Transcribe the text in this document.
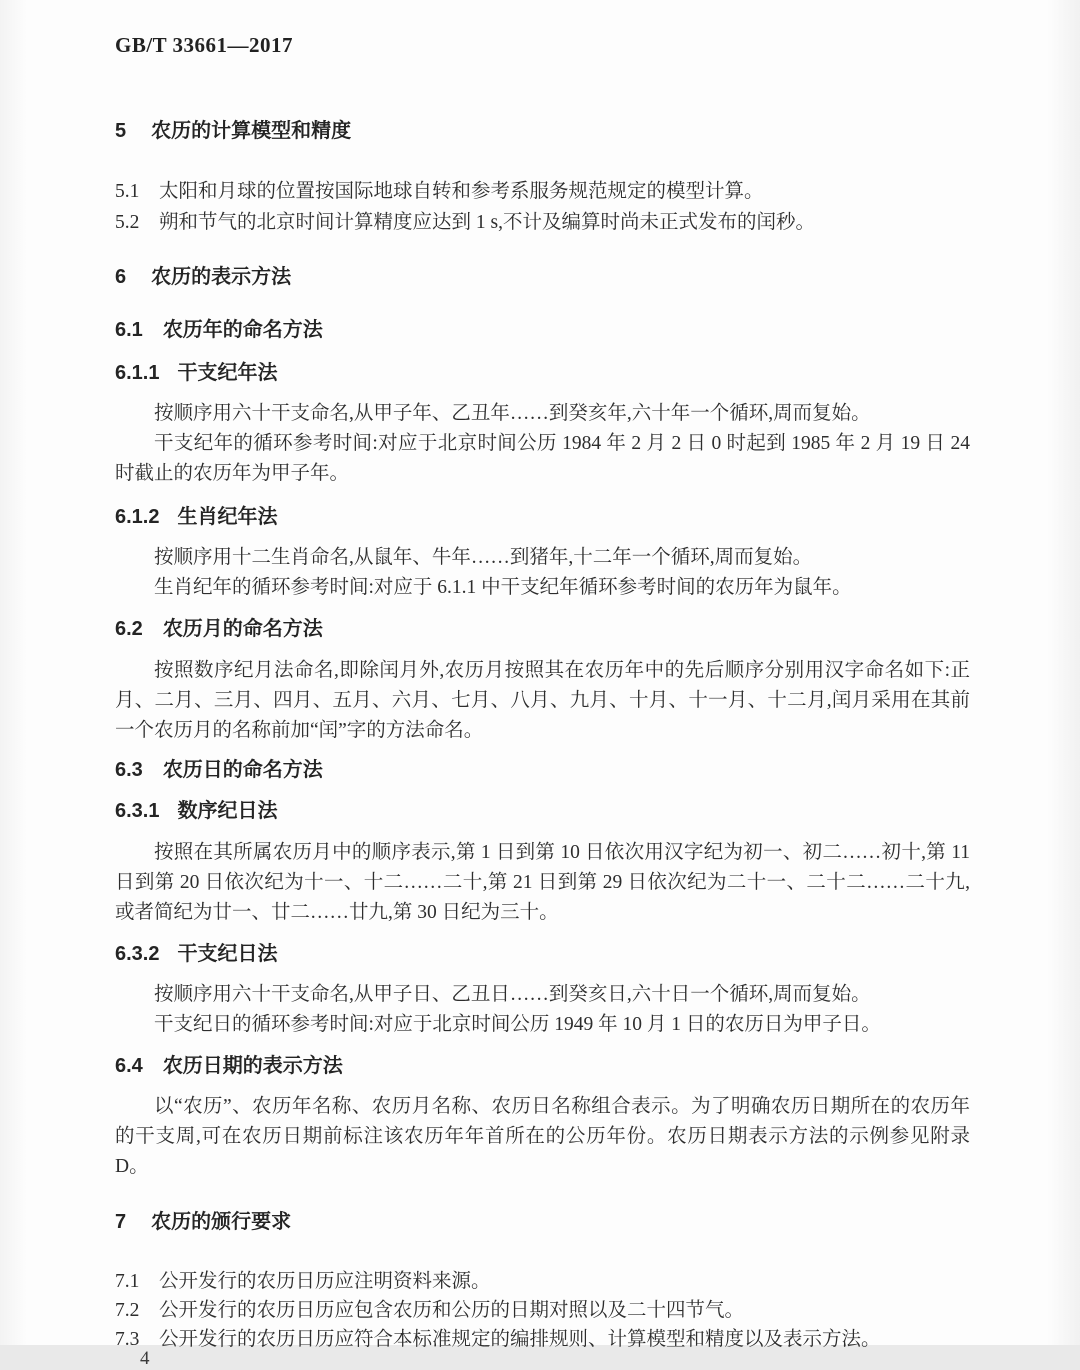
GB/T 33661—2017
5 农历的计算模型和精度
5.1	太阳和月球的位置按国际地球自转和参考系服务规范规定的模型计算。
5.2	朔和节气的北京时间计算精度应达到 1 s,不计及编算时尚未正式发布的闰秒。
6 农历的表示方法
6.1 农历年的命名方法
6.1.1 干支纪年法

按顺序用六十干支命名,从甲子年、乙丑年……到癸亥年,六十年一个循环,周而复始。

干支纪年的循环参考时间:对应于北京时间公历 1984 年 2 月 2 日 0 时起到 1985 年 2 月 19 日 24 时截止的农历年为甲子年。

6.1.2 生肖纪年法

按顺序用十二生肖命名,从鼠年、牛年……到猪年,十二年一个循环,周而复始。

生肖纪年的循环参考时间:对应于 6.1.1 中干支纪年循环参考时间的农历年为鼠年。

6.2 农历月的命名方法

按照数序纪月法命名,即除闰月外,农历月按照其在农历年中的先后顺序分别用汉字命名如下:正月、二月、三月、四月、五月、六月、七月、八月、九月、十月、十一月、十二月,闰月采用在其前一个农历月的名称前加“闰”字的方法命名。

6.3 农历日的命名方法
6.3.1 数序纪日法

按照在其所属农历月中的顺序表示,第 1 日到第 10 日依次用汉字纪为初一、初二……初十,第 11 日到第 20 日依次纪为十一、十二……二十,第 21 日到第 29 日依次纪为二十一、二十二……二十九,或者简纪为廿一、廿二……廿九,第 30 日纪为三十。

6.3.2 干支纪日法

按顺序用六十干支命名,从甲子日、乙丑日……到癸亥日,六十日一个循环,周而复始。

干支纪日的循环参考时间:对应于北京时间公历 1949 年 10 月 1 日的农历日为甲子日。

6.4 农历日期的表示方法

以“农历”、农历年名称、农历月名称、农历日名称组合表示。为了明确农历日期所在的农历年的干支周,可在农历日期前标注该农历年年首所在的公历年份。农历日期表示方法的示例参见附录 D。

7 农历的颁行要求
7.1	公开发行的农历日历应注明资料来源。
7.2	公开发行的农历日历应包含农历和公历的日期对照以及二十四节气。
7.3	公开发行的农历日历应符合本标准规定的编排规则、计算模型和精度以及表示方法。
4
